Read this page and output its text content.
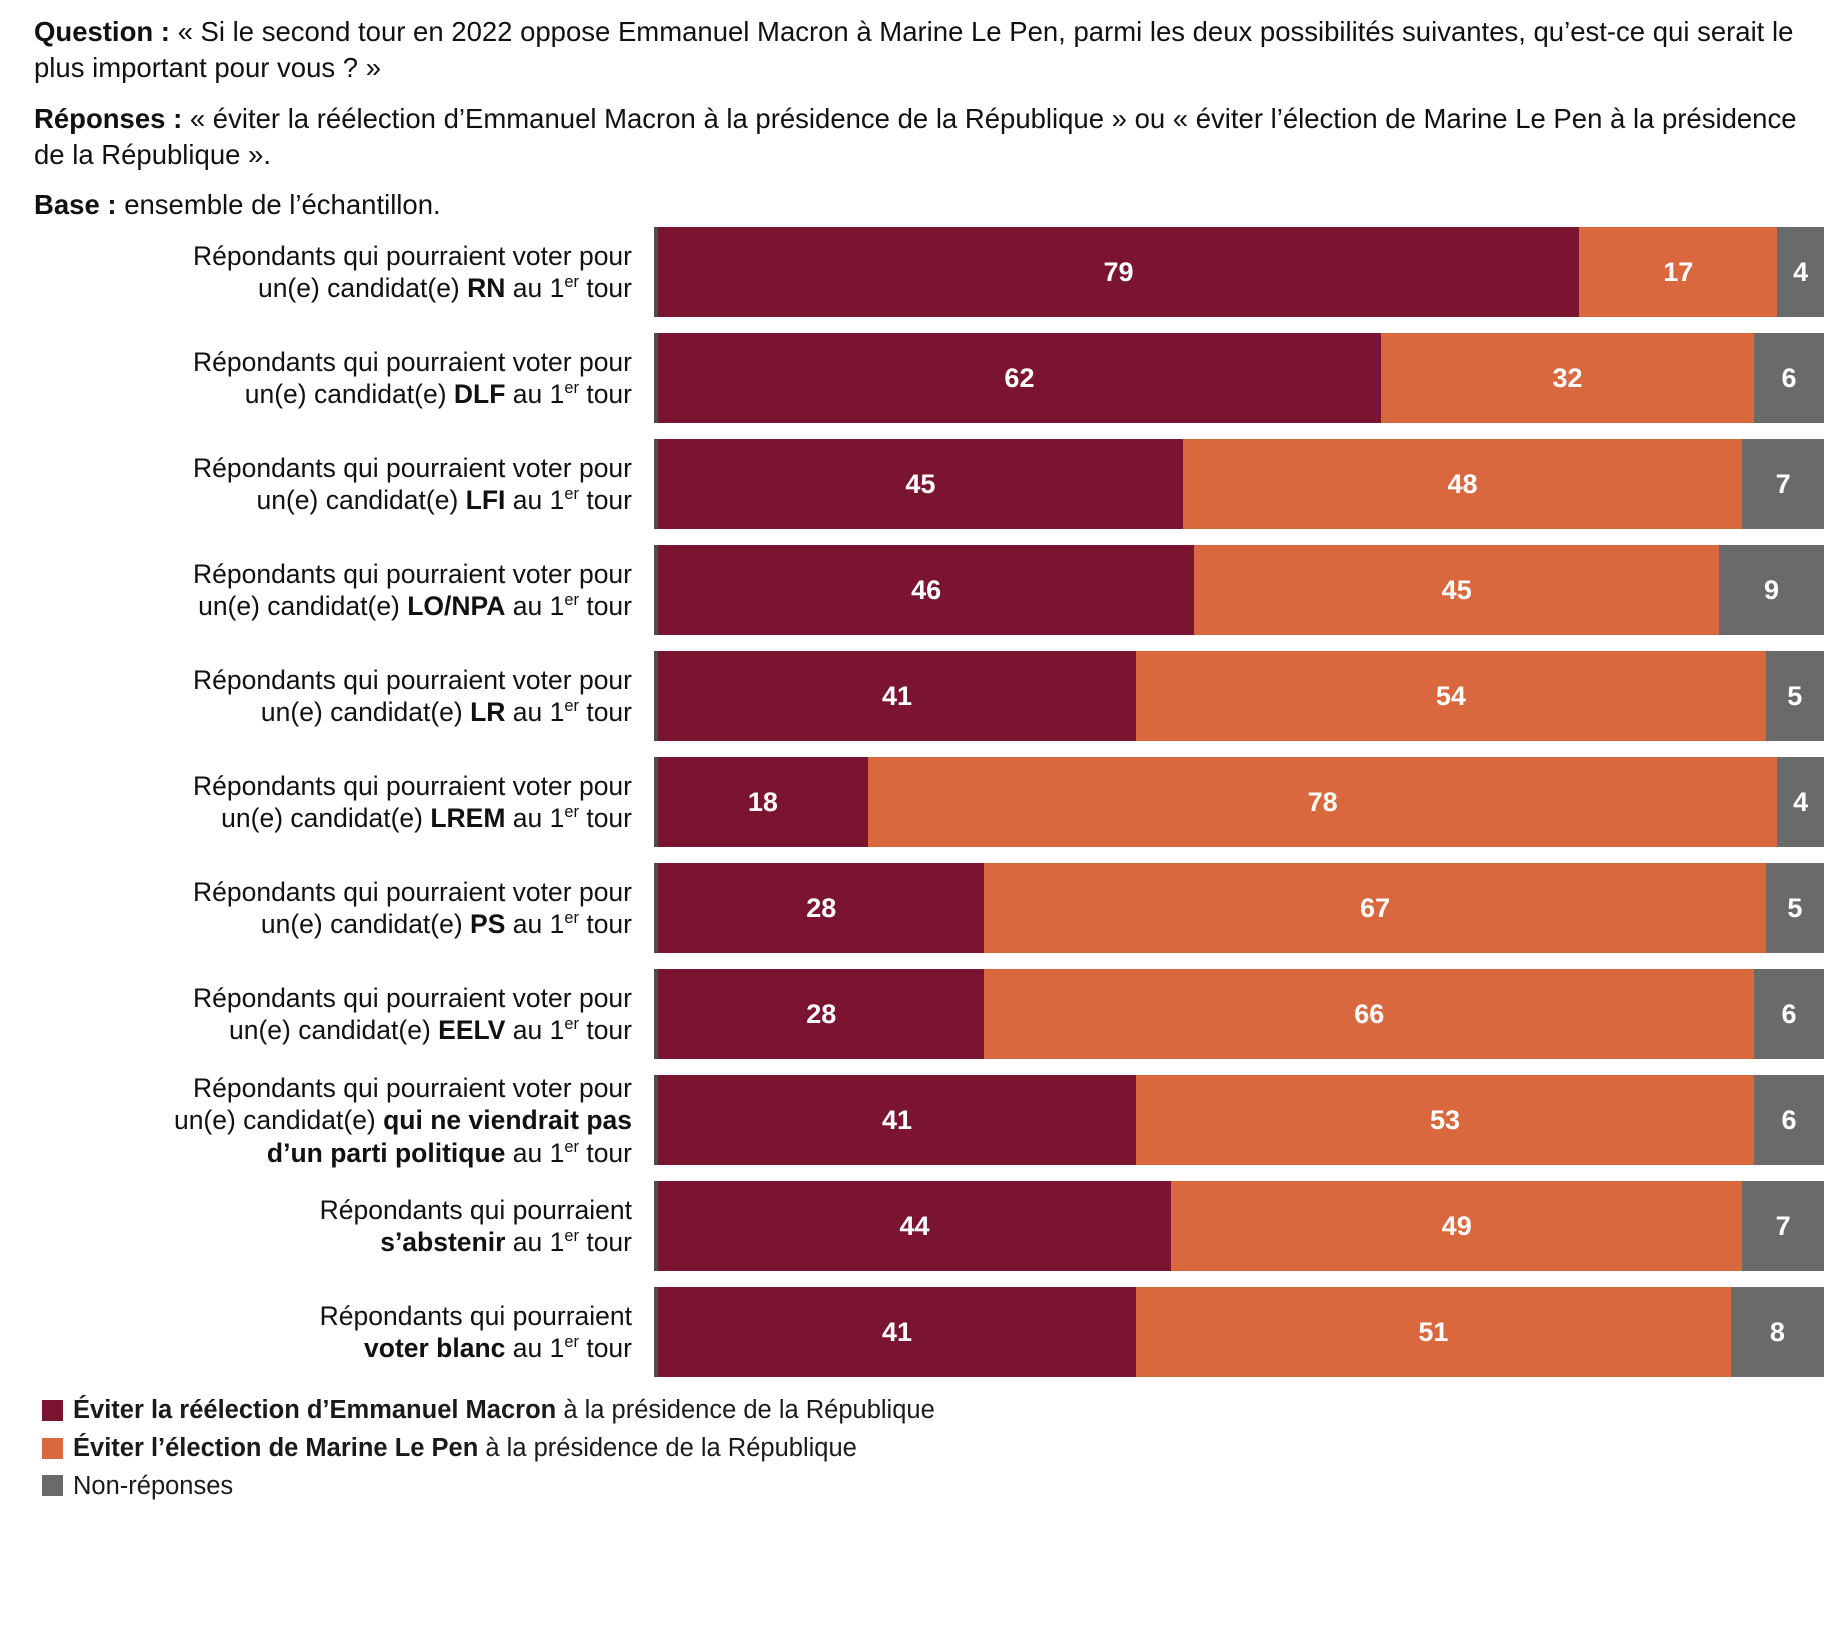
Question : « Si le second tour en 2022 oppose Emmanuel Macron à Marine Le Pen, parmi les deux possibilités suivantes, qu’est-ce qui serait le plus important pour vous ? »

Réponses : « éviter la réélection d’Emmanuel Macron à la présidence de la République » ou « éviter l’élection de Marine Le Pen à la présidence de la République ».

Base : ensemble de l’échantillon.

Répondants qui pourraient voter pour
un(e) candidat(e) RN au 1er tour
79	17	4
Répondants qui pourraient voter pour
un(e) candidat(e) DLF au 1er tour
62	32	6
Répondants qui pourraient voter pour
un(e) candidat(e) LFI au 1er tour
45	48	7
Répondants qui pourraient voter pour
un(e) candidat(e) LO/NPA au 1er tour
46	45	9
Répondants qui pourraient voter pour
un(e) candidat(e) LR au 1er tour
41	54	5
Répondants qui pourraient voter pour
un(e) candidat(e) LREM au 1er tour
18	78	4
Répondants qui pourraient voter pour
un(e) candidat(e) PS au 1er tour
28	67	5
Répondants qui pourraient voter pour
un(e) candidat(e) EELV au 1er tour
28	66	6
Répondants qui pourraient voter pour
un(e) candidat(e) qui ne viendrait pas
d’un parti politique au 1er tour
41	53	6
Répondants qui pourraient
s’abstenir au 1er tour
44	49	7
Répondants qui pourraient
voter blanc au 1er tour
41	51	8
Éviter la réélection d’Emmanuel Macron à la présidence de la République
Éviter l’élection de Marine Le Pen à la présidence de la République
Non-réponses
